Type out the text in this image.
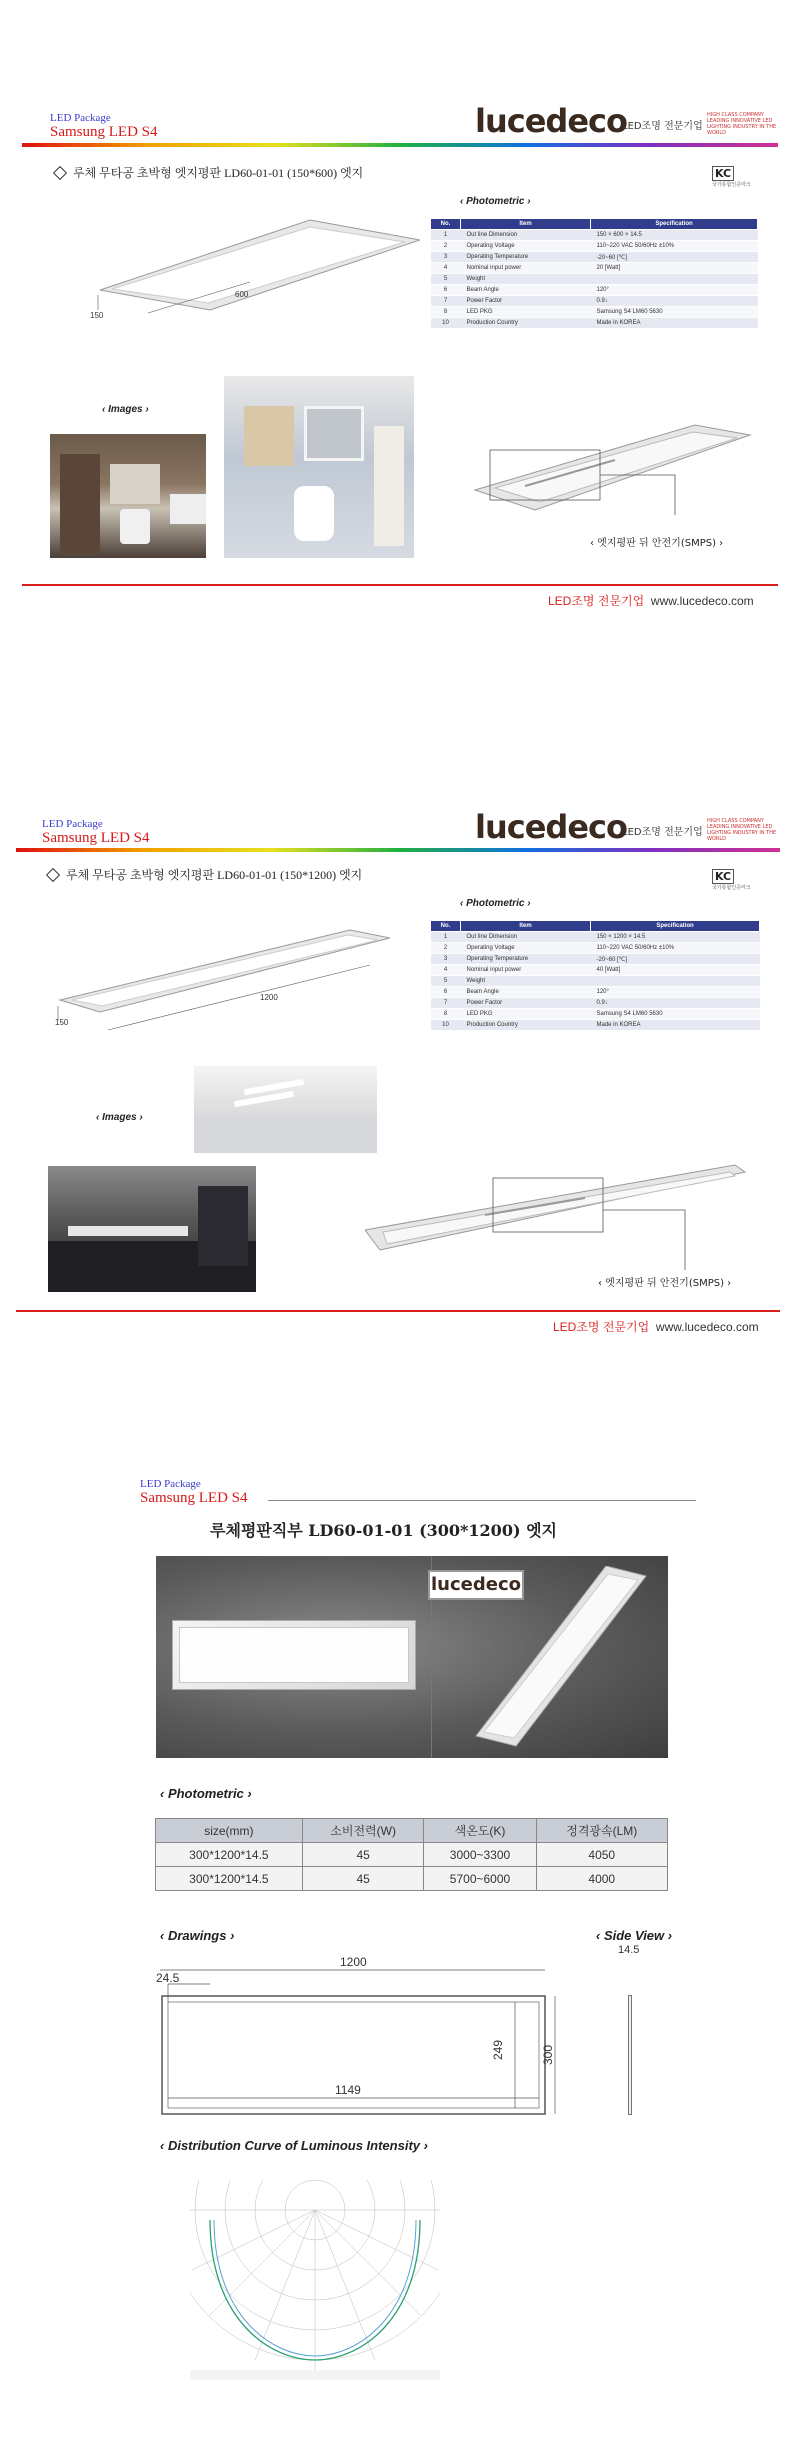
LED Package
Samsung LED S4	lucedeco
LED조명 전문기업
HIGH CLASS COMPANY LEADING INNOVATIVE LED LIGHTING INDUSTRY IN THE WORLD
루체 무타공 초박형 엣지평판 LD60-01-01 (150*600) 엣지	KC
국가통합인증마크
150
600
‹ Photometric ›
No.	Item	Specification
1	Out line Dimension	150 × 600 × 14.5
2	Operating Voltage	110~220 VAC 50/60Hz ±10%
3	Operating Temperature	-20~60 [℃]
4	Nominal input power	20 [Watt]
5	Weight	
6	Beam Angle	120°
7	Power Factor	0.9↓
8	LED PKG	Samsung S4 LM60 5630
10	Production Country	Made in KOREA
‹ Images ›
‹ 엣지평판 뒤 안전기(SMPS) ›
LED조명 전문기업 www.lucedeco.com
LED Package
Samsung LED S4	lucedeco
LED조명 전문기업
HIGH CLASS COMPANY LEADING INNOVATIVE LED LIGHTING INDUSTRY IN THE WORLD
루체 무타공 초박형 엣지평판 LD60-01-01 (150*1200) 엣지	KC
국가통합인증마크
150
1200
‹ Photometric ›
No.	Item	Specification
1	Out line Dimension	150 × 1200 × 14.5
2	Operating Voltage	110~220 VAC 50/60Hz ±10%
3	Operating Temperature	-20~60 [℃]
4	Nominal input power	40 [Watt]
5	Weight	
6	Beam Angle	120°
7	Power Factor	0.9↓
8	LED PKG	Samsung S4 LM60 5630
10	Production Country	Made in KOREA
‹ Images ›
‹ 엣지평판 뒤 안전기(SMPS) ›
LED조명 전문기업 www.lucedeco.com
LED Package
Samsung LED S4
루체평판직부 LD60-01-01 (300*1200) 엣지
lucedeco
‹ Photometric ›
size(mm)	소비전력(W)	색온도(K)	정격광속(LM)
300*1200*14.5	45	3000~3300	4050
300*1200*14.5	45	5700~6000	4000
‹ Drawings ›	‹ Side View ›
1200
24.5
249	300
1149
14.5
‹ Distribution Curve of Luminous Intensity ›
